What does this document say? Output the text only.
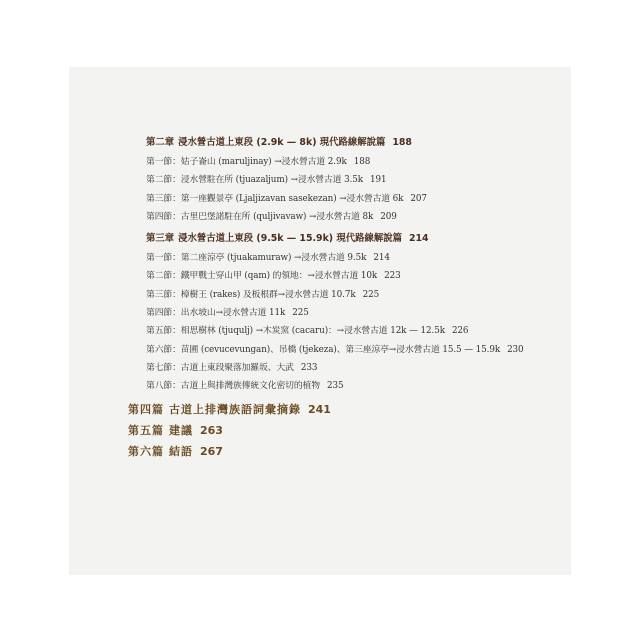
第二章 浸水營古道上東段 (2.9k — 8k) 現代路線解說篇 188
第一節：姑子崙山 (maruljinay) →浸水營古道 2.9k 188
第二節：浸水營駐在所 (tjuazaljum) →浸水營古道 3.5k 191
第三節：第一座觀景亭 (Ljaljizavan sasekezan) →浸水營古道 6k 207
第四節：古里巴堡諾駐在所 (quljivavaw) →浸水營古道 8k 209
第三章 浸水營古道上東段 (9.5k — 15.9k) 現代路線解說篇 214
第一節：第二座涼亭 (tjuakamuraw) →浸水營古道 9.5k 214
第二節：鐵甲戰士穿山甲 (qam) 的領地：→浸水營古道 10k 223
第三節：樟樹王 (rakes) 及板根群→浸水營古道 10.7k 225
第四節：出水坡山→浸水營古道 11k 225
第五節：相思樹林 (tjuqulj) →木炭窯 (cacaru)：→浸水營古道 12k — 12.5k 226
第六節：苗圃 (cevucevungan)、吊橋 (tjekeza)、第三座涼亭→浸水營古道 15.5 — 15.9k 230
第七節：古道上東段聚落加羅坂、大武 233
第八節：古道上與排灣族傳統文化密切的植物 235
第四篇 古道上排灣族語詞彙摘錄 241
第五篇 建議 263
第六篇 結語 267
